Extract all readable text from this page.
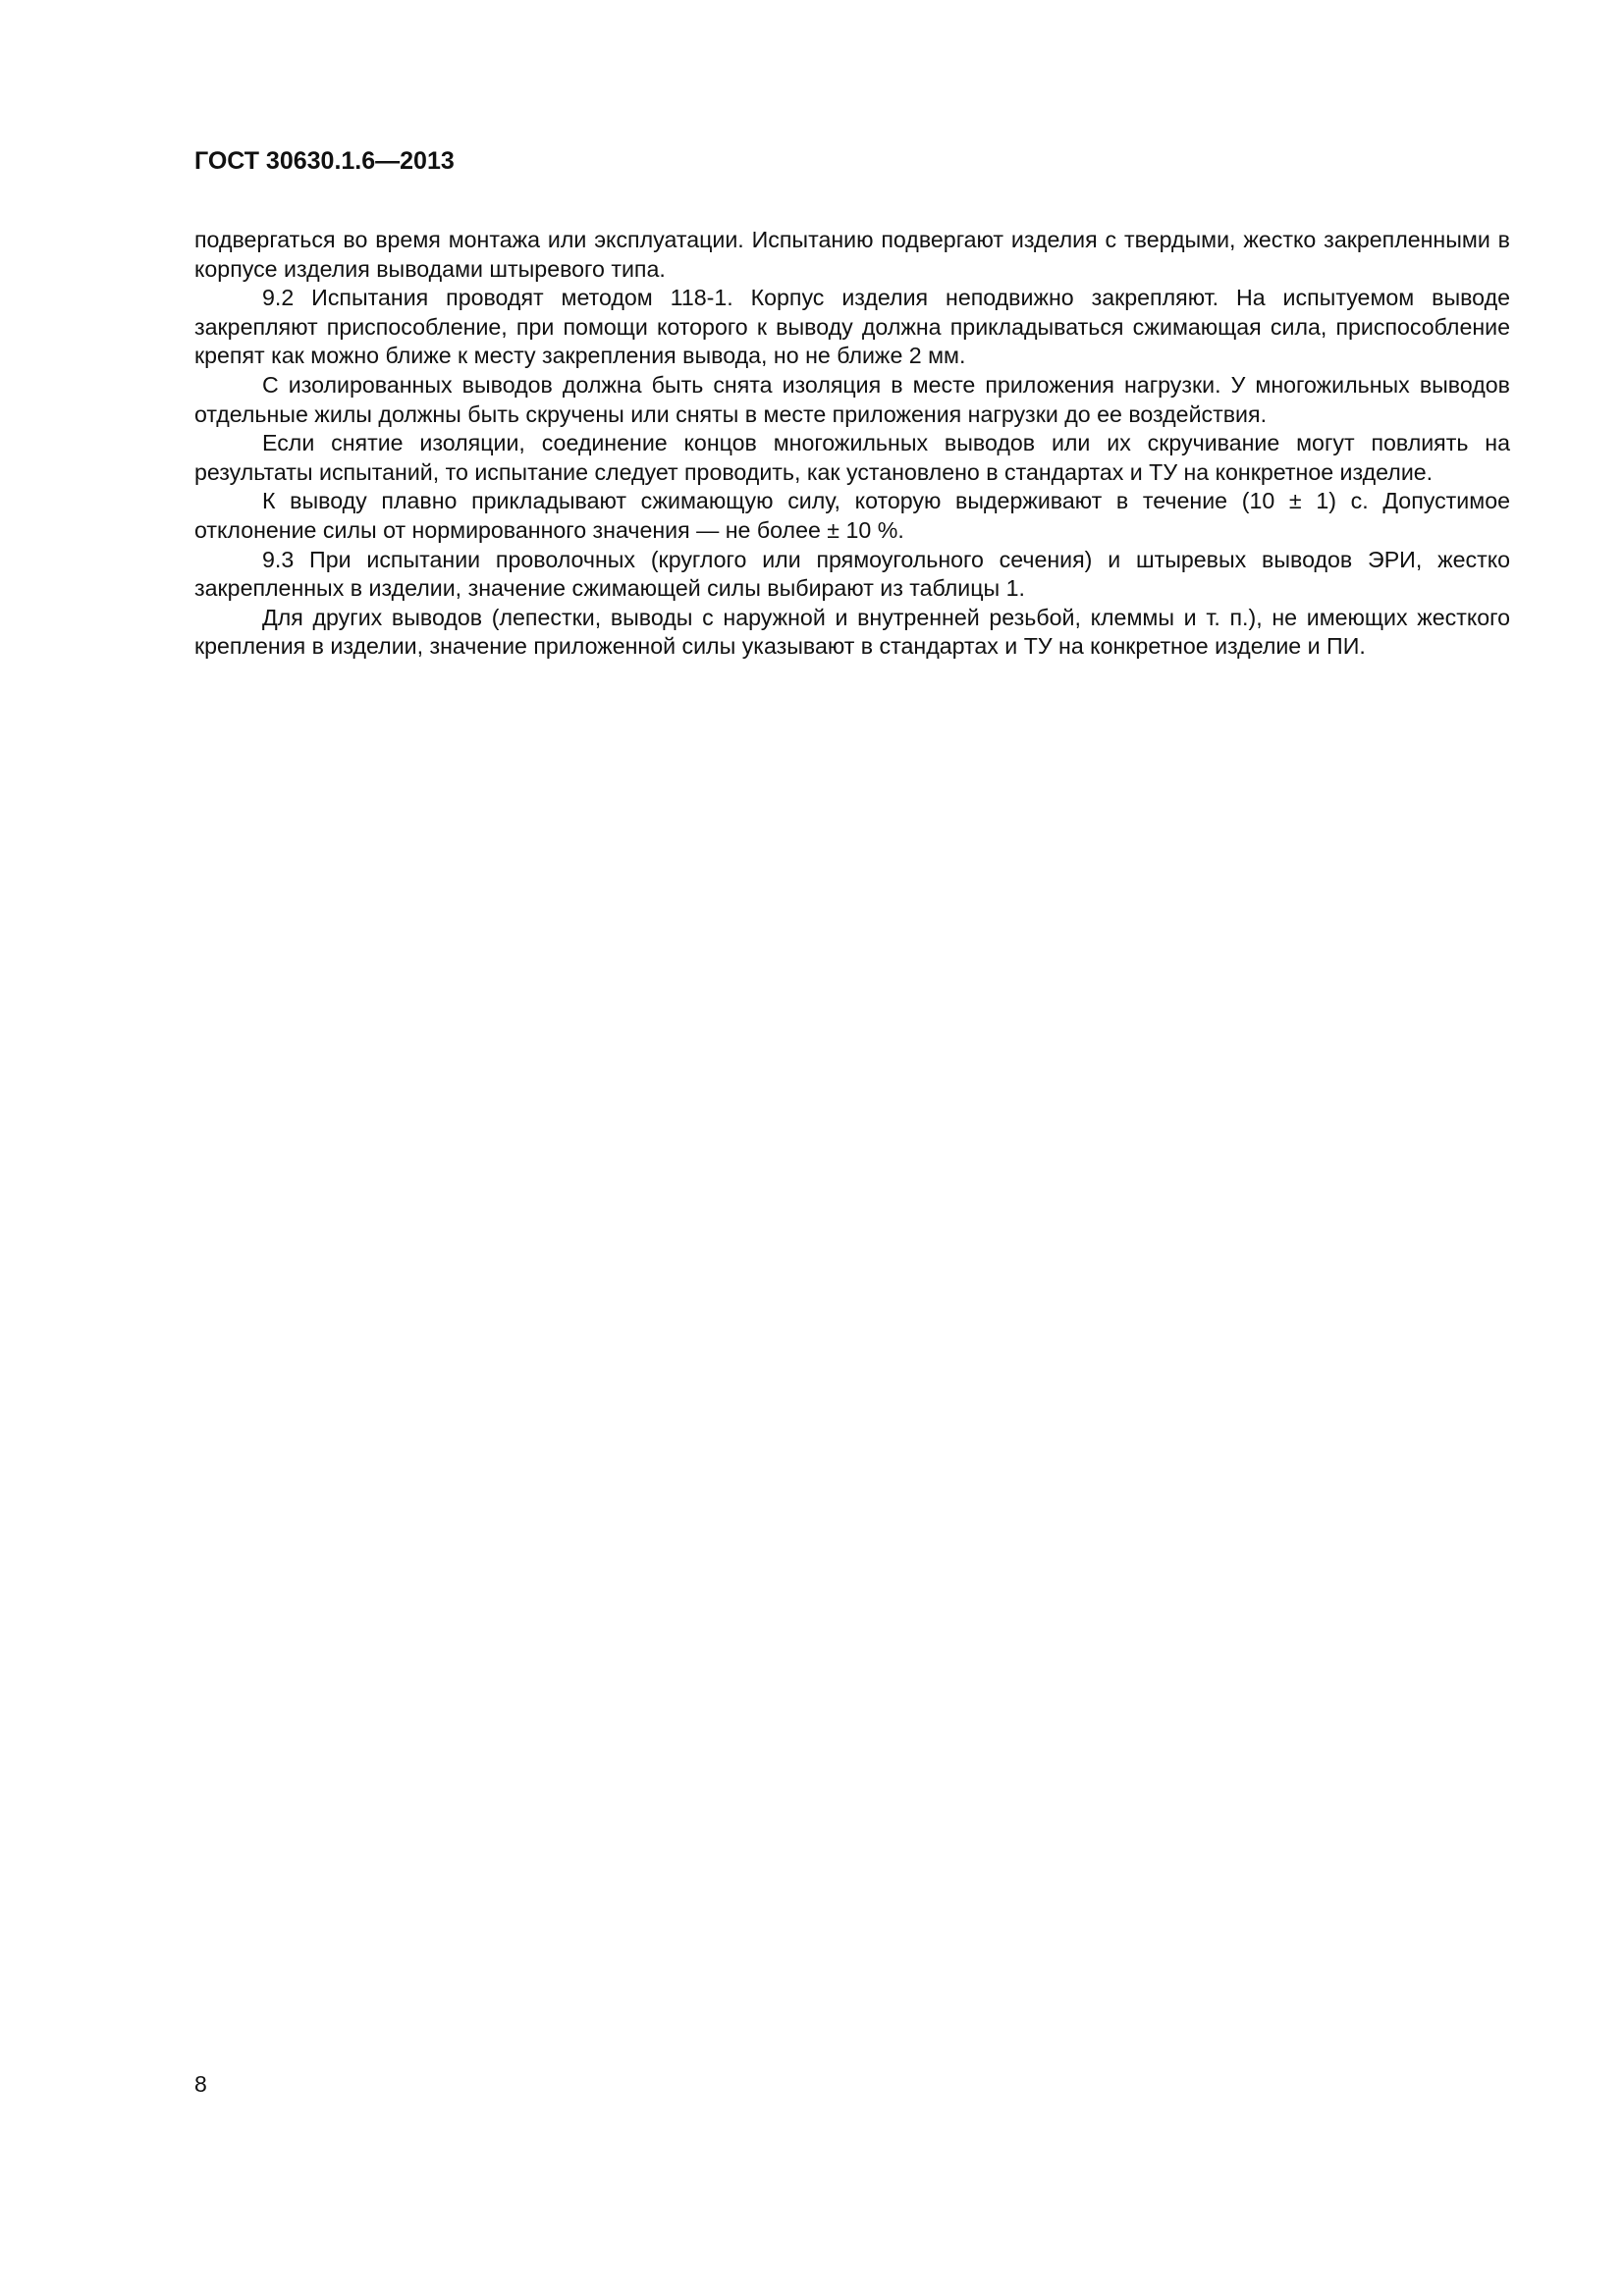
ГОСТ 30630.1.6—2013

подвергаться во время монтажа или эксплуатации. Испытанию подвергают изделия с твердыми, жестко закрепленными в корпусе изделия выводами штыревого типа.

9.2 Испытания проводят методом 118-1. Корпус изделия неподвижно закрепляют. На испытуемом выводе закрепляют приспособление, при помощи которого к выводу должна прикладываться сжимающая сила, приспособление крепят как можно ближе к месту закрепления вывода, но не ближе 2 мм.

С изолированных выводов должна быть снята изоляция в месте приложения нагрузки. У многожильных выводов отдельные жилы должны быть скручены или сняты в месте приложения нагрузки до ее воздействия.

Если снятие изоляции, соединение концов многожильных выводов или их скручивание могут повлиять на результаты испытаний, то испытание следует проводить, как установлено в стандартах и ТУ на конкретное изделие.

К выводу плавно прикладывают сжимающую силу, которую выдерживают в течение (10 ± 1) с. Допустимое отклонение силы от нормированного значения — не более ± 10 %.

9.3 При испытании проволочных (круглого или прямоугольного сечения) и штыревых выводов ЭРИ, жестко закрепленных в изделии, значение сжимающей силы выбирают из таблицы 1.

Для других выводов (лепестки, выводы с наружной и внутренней резьбой, клеммы и т. п.), не имеющих жесткого крепления в изделии, значение приложенной силы указывают в стандартах и ТУ на конкретное изделие и ПИ.

8
